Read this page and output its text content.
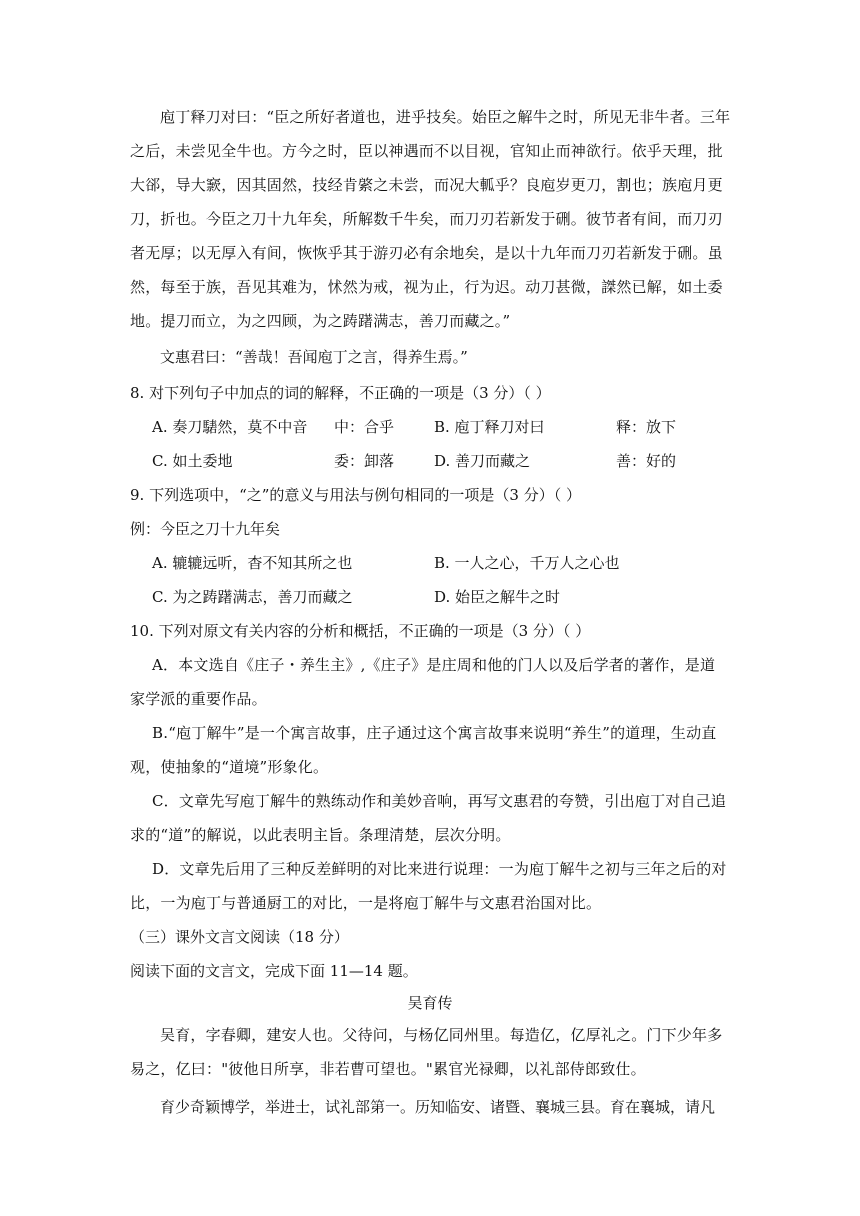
庖丁释刀对曰：“臣之所好者道也，进乎技矣。始臣之解牛之时，所见无非牛者。三年之后，未尝见全牛也。方今之时，臣以神遇而不以目视，官知止而神欲行。依乎天理，批大郤，导大窾，因其固然，技经肯綮之未尝，而况大軱乎？良庖岁更刀，割也；族庖月更刀，折也。今臣之刀十九年矣，所解数千牛矣，而刀刃若新发于硎。彼节者有间，而刀刃者无厚；以无厚入有间，恢恢乎其于游刃必有余地矣，是以十九年而刀刃若新发于硎。虽然，每至于族，吾见其难为，怵然为戒，视为止，行为迟。动刀甚微，謋然已解，如土委地。提刀而立，为之四顾，为之踌躇满志，善刀而藏之。”
文惠君曰：“善哉！吾闻庖丁之言，得养生焉。”
8. 对下列句子中加点的词的解释，不正确的一项是（3 分）（ ）
A. 奏刀騞然，莫不中音 中：合乎	B. 庖丁释刀对曰	释：放下
C. 如土委地	委：卸落	D. 善刀而藏之	善：好的
9. 下列选项中，“之”的意义与用法与例句相同的一项是（3 分）（ ）
例：今臣之刀十九年矣
A. 辘辘远听，杳不知其所之也	B. 一人之心，千万人之心也
C. 为之踌躇满志，善刀而藏之	D. 始臣之解牛之时
10. 下列对原文有关内容的分析和概括，不正确的一项是（3 分）（ ）
A．本文选自《庄子・养生主》,《庄子》是庄周和他的门人以及后学者的著作，是道家学派的重要作品。
B.“庖丁解牛”是一个寓言故事，庄子通过这个寓言故事来说明“养生”的道理，生动直观，使抽象的“道境”形象化。
C．文章先写庖丁解牛的熟练动作和美妙音响，再写文惠君的夸赞，引出庖丁对自己追求的“道”的解说，以此表明主旨。条理清楚，层次分明。
D．文章先后用了三种反差鲜明的对比来进行说理：一为庖丁解牛之初与三年之后的对比，一为庖丁与普通厨工的对比，一是将庖丁解牛与文惠君治国对比。
（三）课外文言文阅读（18 分）
阅读下面的文言文，完成下面 11—14 题。
吴育传
吴育，字春卿，建安人也。父待问，与杨亿同州里。每造亿，亿厚礼之。门下少年多易之，亿曰："彼他日所享，非若曹可望也。"累官光禄卿，以礼部侍郎致仕。
育少奇颖博学，举进士，试礼部第一。历知临安、诸暨、襄城三县。育在襄城，请凡
